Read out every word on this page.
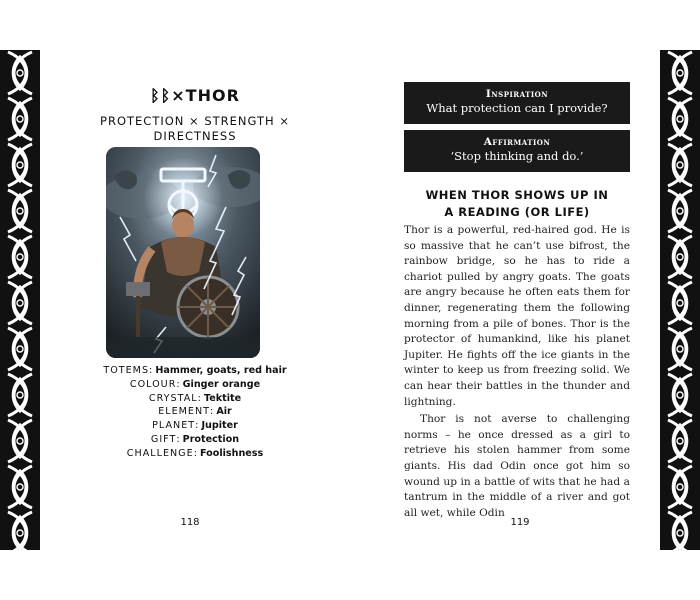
ᛒᛒ×THOR
PROTECTION × STRENGTH × DIRECTNESS
TOTEMS: Hammer, goats, red hair
COLOUR: Ginger orange
CRYSTAL: Tektite
ELEMENT: Air
PLANET: Jupiter
GIFT: Protection
CHALLENGE: Foolishness
118
Inspiration
What protection can I provide?
Affirmation
‘Stop thinking and do.’
WHEN THOR SHOWS UP IN
A READING (OR LIFE)

Thor is a powerful, red-haired god. He is so massive that he can’t use bifrost, the rainbow bridge, so he has to ride a chariot pulled by angry goats. The goats are angry because he often eats them for dinner, regenerating them the following morning from a pile of bones. Thor is the protector of humankind, like his planet Jupiter. He fights off the ice giants in the winter to keep us from freezing solid. We can hear their battles in the thunder and lightning.

Thor is not averse to challenging norms – he once dressed as a girl to retrieve his stolen hammer from some giants. His dad Odin once got him so wound up in a battle of wits that he had a tantrum in the middle of a river and got all wet, while Odin

119
